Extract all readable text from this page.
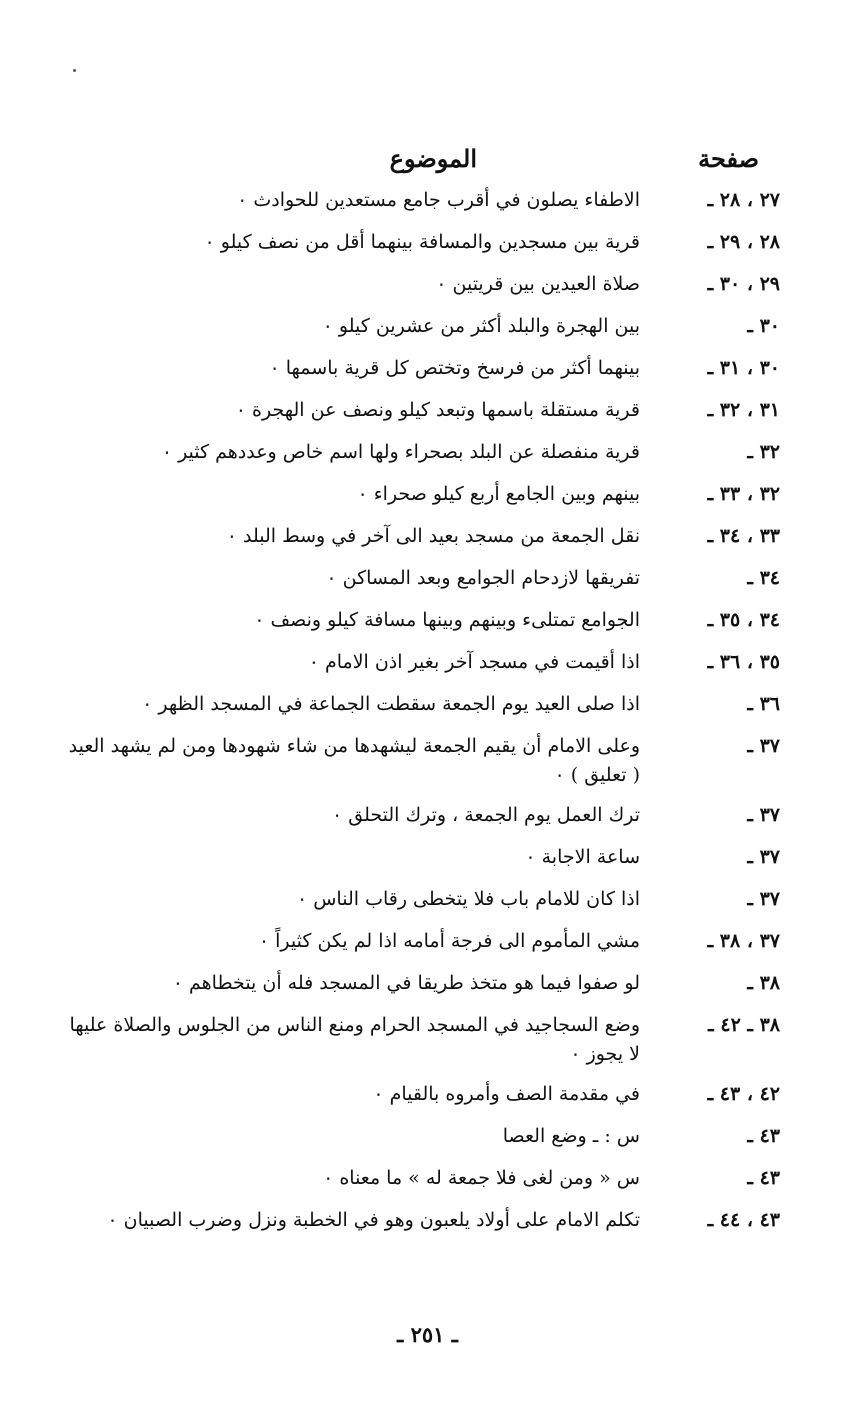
صفحة
الموضوع
٢٧ ، ٢٨ ـ
الاطفاء يصلون في أقرب جامع مستعدين للحوادث ٠
٢٨ ، ٢٩ ـ
قرية بين مسجدين والمسافة بينهما أقل من نصف كيلو ٠
٢٩ ، ٣٠ ـ
صلاة العيدين بين قريتين ٠
٣٠ ـ
بين الهجرة والبلد أكثر من عشرين كيلو ٠
٣٠ ، ٣١ ـ
بينهما أكثر من فرسخ وتختص كل قرية باسمها ٠
٣١ ، ٣٢ ـ
قرية مستقلة باسمها وتبعد كيلو ونصف عن الهجرة ٠
٣٢ ـ
قرية منفصلة عن البلد بصحراء ولها اسم خاص وعددهم كثير ٠
٣٢ ، ٣٣ ـ
بينهم وبين الجامع أربع كيلو صحراء ٠
٣٣ ، ٣٤ ـ
نقل الجمعة من مسجد بعيد الى آخر في وسط البلد ٠
٣٤ ـ
تفريقها لازدحام الجوامع وبعد المساكن ٠
٣٤ ، ٣٥ ـ
الجوامع تمتلىء وبينهم وبينها مسافة كيلو ونصف ٠
٣٥ ، ٣٦ ـ
اذا أقيمت في مسجد آخر بغير اذن الامام ٠
٣٦ ـ
اذا صلى العيد يوم الجمعة سقطت الجماعة في المسجد الظهر ٠
٣٧ ـ
وعلى الامام أن يقيم الجمعة ليشهدها من شاء شهودها ومن لم يشهد العيد ( تعليق ) ٠
٣٧ ـ
ترك العمل يوم الجمعة ، وترك التحلق ٠
٣٧ ـ
ساعة الاجابة ٠
٣٧ ـ
اذا كان للامام باب فلا يتخطى رقاب الناس ٠
٣٧ ، ٣٨ ـ
مشي المأموم الى فرجة أمامه اذا لم يكن كثيراً ٠
٣٨ ـ
لو صفوا فيما هو متخذ طريقا في المسجد فله أن يتخطاهم ٠
٣٨ ـ ٤٢ ـ
وضع السجاجيد في المسجد الحرام ومنع الناس من الجلوس والصلاة عليها لا يجوز ٠
٤٢ ، ٤٣ ـ
في مقدمة الصف وأمروه بالقيام ٠
٤٣ ـ
س : ـ وضع العصا
٤٣ ـ
س « ومن لغى فلا جمعة له » ما معناه ٠
٤٣ ، ٤٤ ـ
تكلم الامام على أولاد يلعبون وهو في الخطبة ونزل وضرب الصبيان ٠
ـ ٢٥١ ـ
